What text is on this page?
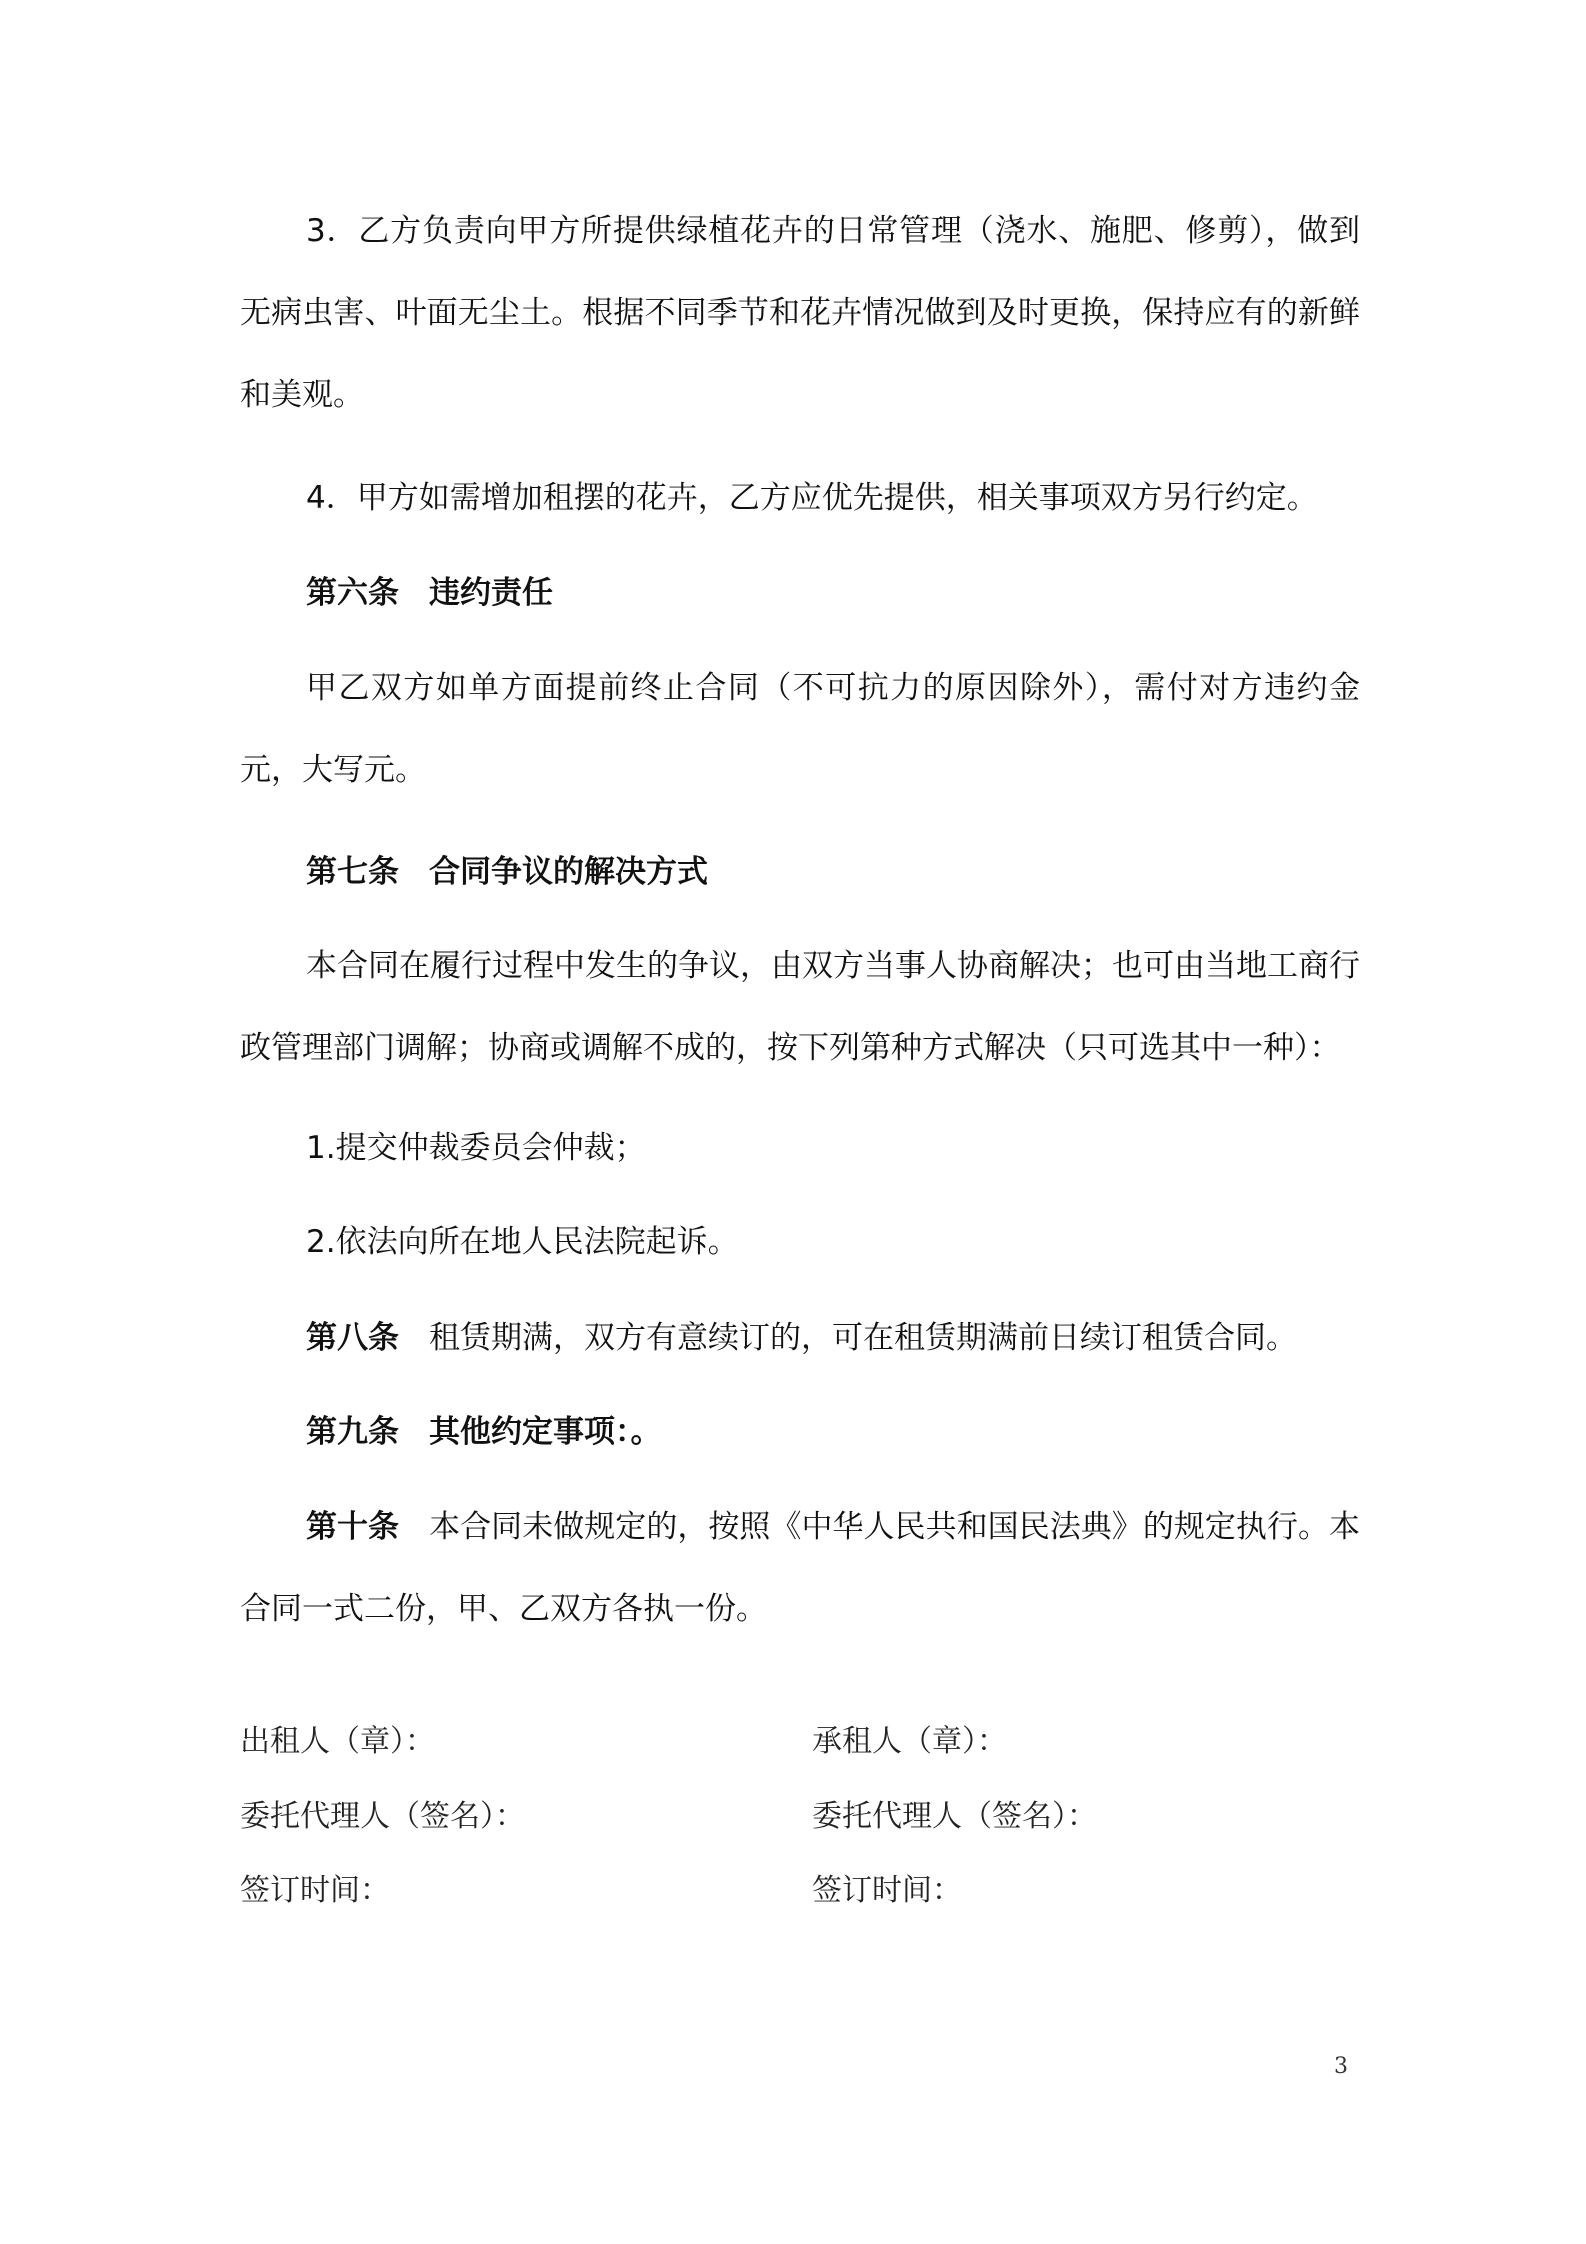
3．乙方负责向甲方所提供绿植花卉的日常管理（浇水、施肥、修剪），做到无病虫害、叶面无尘土。根据不同季节和花卉情况做到及时更换，保持应有的新鲜和美观。

4．甲方如需增加租摆的花卉，乙方应优先提供，相关事项双方另行约定。

第六条 违约责任

甲乙双方如单方面提前终止合同（不可抗力的原因除外），需付对方违约金元，大写元。

第七条 合同争议的解决方式

本合同在履行过程中发生的争议，由双方当事人协商解决；也可由当地工商行政管理部门调解；协商或调解不成的，按下列第种方式解决（只可选其中一种）：

1.提交仲裁委员会仲裁；

2.依法向所在地人民法院起诉。

第八条 租赁期满，双方有意续订的，可在租赁期满前日续订租赁合同。
第九条 其他约定事项：。

第十条 本合同未做规定的，按照《中华人民共和国民法典》的规定执行。本合同一式二份，甲、乙双方各执一份。

出租人（章）：	承租人（章）：
委托代理人（签名）：	委托代理人（签名）：
签订时间：	签订时间：
3
